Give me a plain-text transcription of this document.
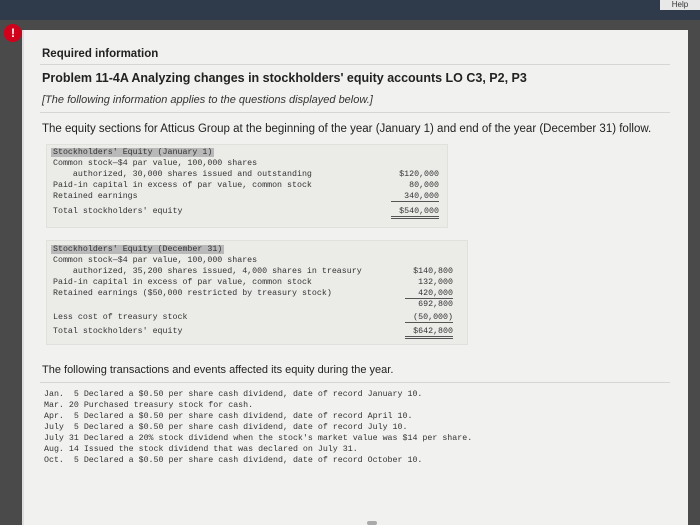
Help
!
Required information
Problem 11-4A Analyzing changes in stockholders' equity accounts LO C3, P2, P3
[The following information applies to the questions displayed below.]
The equity sections for Atticus Group at the beginning of the year (January 1) and end of the year (December 31) follow.
Stockholders' Equity (January 1)
Common stock—$4 par value, 100,000 shares
authorized, 30,000 shares issued and outstanding
Paid-in capital in excess of par value, common stock
Retained earnings
Total stockholders' equity
$120,000
80,000
340,000
$540,000
Stockholders' Equity (December 31)
Common stock—$4 par value, 100,000 shares
authorized, 35,200 shares issued, 4,000 shares in treasury
Paid-in capital in excess of par value, common stock
Retained earnings ($50,000 restricted by treasury stock)
Less cost of treasury stock
Total stockholders' equity
$140,800
132,000
420,000
692,800
(50,000)
$642,800
The following transactions and events affected its equity during the year.
Jan.  5 Declared a $0.50 per share cash dividend, date of record January 10.
Mar. 20 Purchased treasury stock for cash.
Apr.  5 Declared a $0.50 per share cash dividend, date of record April 10.
July  5 Declared a $0.50 per share cash dividend, date of record July 10.
July 31 Declared a 20% stock dividend when the stock's market value was $14 per share.
Aug. 14 Issued the stock dividend that was declared on July 31.
Oct.  5 Declared a $0.50 per share cash dividend, date of record October 10.
